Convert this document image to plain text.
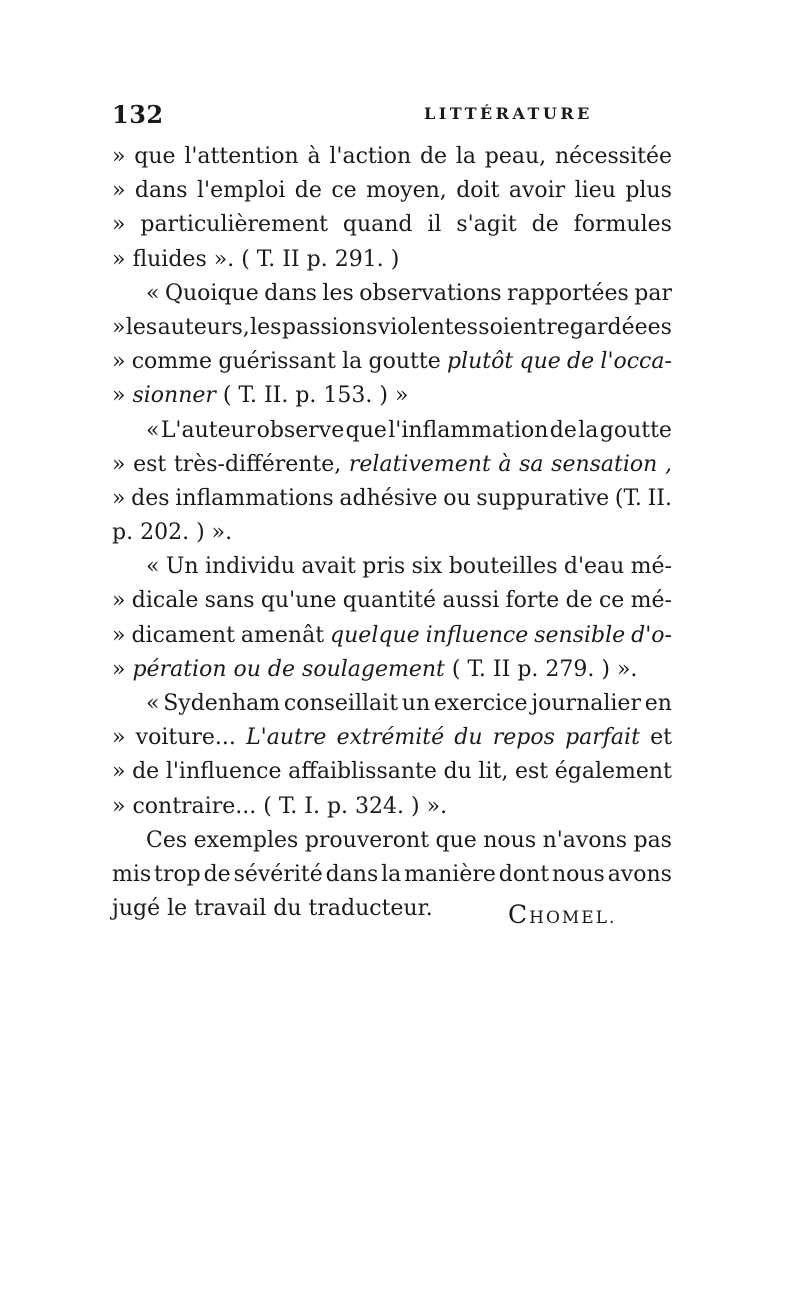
132	LITTÉRATURE
» que l'attention à l'action de la peau, nécessitée
» dans l'emploi de ce moyen, doit avoir lieu plus
» particulièrement quand il s'agit de formules
» fluides ». ( T. II p. 291. )
« Quoique dans les observations rapportées par
» les auteurs, les passions violentes soient regardéees
» comme guérissant la goutte plutôt que de l'occa-
» sionner ( T. II. p. 153. ) »
« L'auteur observe que l'inflammation de la goutte
» est très-différente, relativement à sa sensation ,
» des inflammations adhésive ou suppurative (T. II.
p. 202. ) ».
« Un individu avait pris six bouteilles d'eau mé-
» dicale sans qu'une quantité aussi forte de ce mé-
» dicament amenât quelque influence sensible d'o-
» pération ou de soulagement ( T. II p. 279. ) ».
« Sydenham conseillait un exercice journalier en
» voiture... L'autre extrémité du repos parfait et
» de l'influence affaiblissante du lit, est également
» contraire... ( T. I. p. 324. ) ».
Ces exemples prouveront que nous n'avons pas
mis trop de sévérité dans la manière dont nous avons
jugé le travail du traducteur.	CHOMEL.
